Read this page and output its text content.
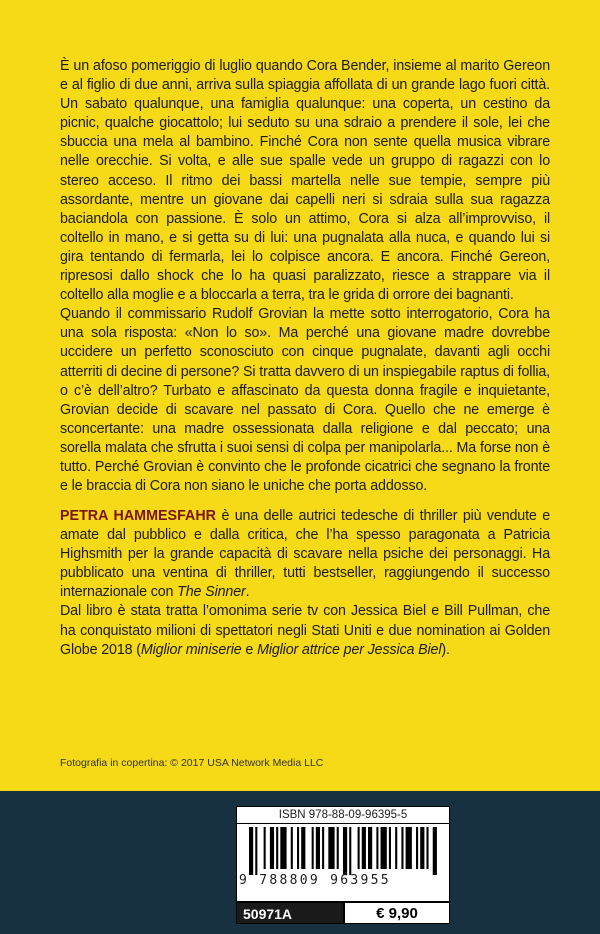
È un afoso pomeriggio di luglio quando Cora Bender, insieme al marito Gereon e al figlio di due anni, arriva sulla spiaggia affollata di un grande lago fuori città. Un sabato qualunque, una famiglia qualunque: una coperta, un cestino da picnic, qualche giocattolo; lui seduto su una sdraio a prendere il sole, lei che sbuccia una mela al bambino. Finché Cora non sente quella musica vibrare nelle orecchie. Si volta, e alle sue spalle vede un gruppo di ragazzi con lo stereo acceso. Il ritmo dei bassi martella nelle sue tempie, sempre più assordante, mentre un giovane dai capelli neri si sdraia sulla sua ragazza baciandola con passione. È solo un attimo, Cora si alza all’improvviso, il coltello in mano, e si getta su di lui: una pugnalata alla nuca, e quando lui si gira tentando di fermarla, lei lo colpisce ancora. E ancora. Finché Gereon, ripresosi dallo shock che lo ha quasi paralizzato, riesce a strappare via il coltello alla moglie e a bloccarla a terra, tra le grida di orrore dei bagnanti.

Quando il commissario Rudolf Grovian la mette sotto interrogatorio, Cora ha una sola risposta: «Non lo so». Ma perché una giovane madre dovrebbe uccidere un perfetto sconosciuto con cinque pugnalate, davanti agli occhi atterriti di decine di persone? Si tratta davvero di un inspiegabile raptus di follia, o c’è dell’altro? Turbato e affascinato da questa donna fragile e inquietante, Grovian decide di scavare nel passato di Cora. Quello che ne emerge è sconcertante: una madre ossessionata dalla religione e dal peccato; una sorella malata che sfrutta i suoi sensi di colpa per manipolarla... Ma forse non è tutto. Perché Grovian è convinto che le profonde cicatrici che segnano la fronte e le braccia di Cora non siano le uniche che porta addosso.

PETRA HAMMESFAHR è una delle autrici tedesche di thriller più vendute e amate dal pubblico e dalla critica, che l’ha spesso paragonata a Patricia Highsmith per la grande capacità di scavare nella psiche dei personaggi. Ha pubblicato una ventina di thriller, tutti bestseller, raggiungendo il successo internazionale con The Sinner.

Dal libro è stata tratta l’omonima serie tv con Jessica Biel e Bill Pullman, che ha conquistato milioni di spettatori negli Stati Uniti e due nomination ai Golden Globe 2018 (Miglior miniserie e Miglior attrice per Jessica Biel).

Fotografia in copertina: © 2017 USA Network Media LLC
ISBN 978-88-09-96395-5
9 788809 963955
50971A	€ 9,90
